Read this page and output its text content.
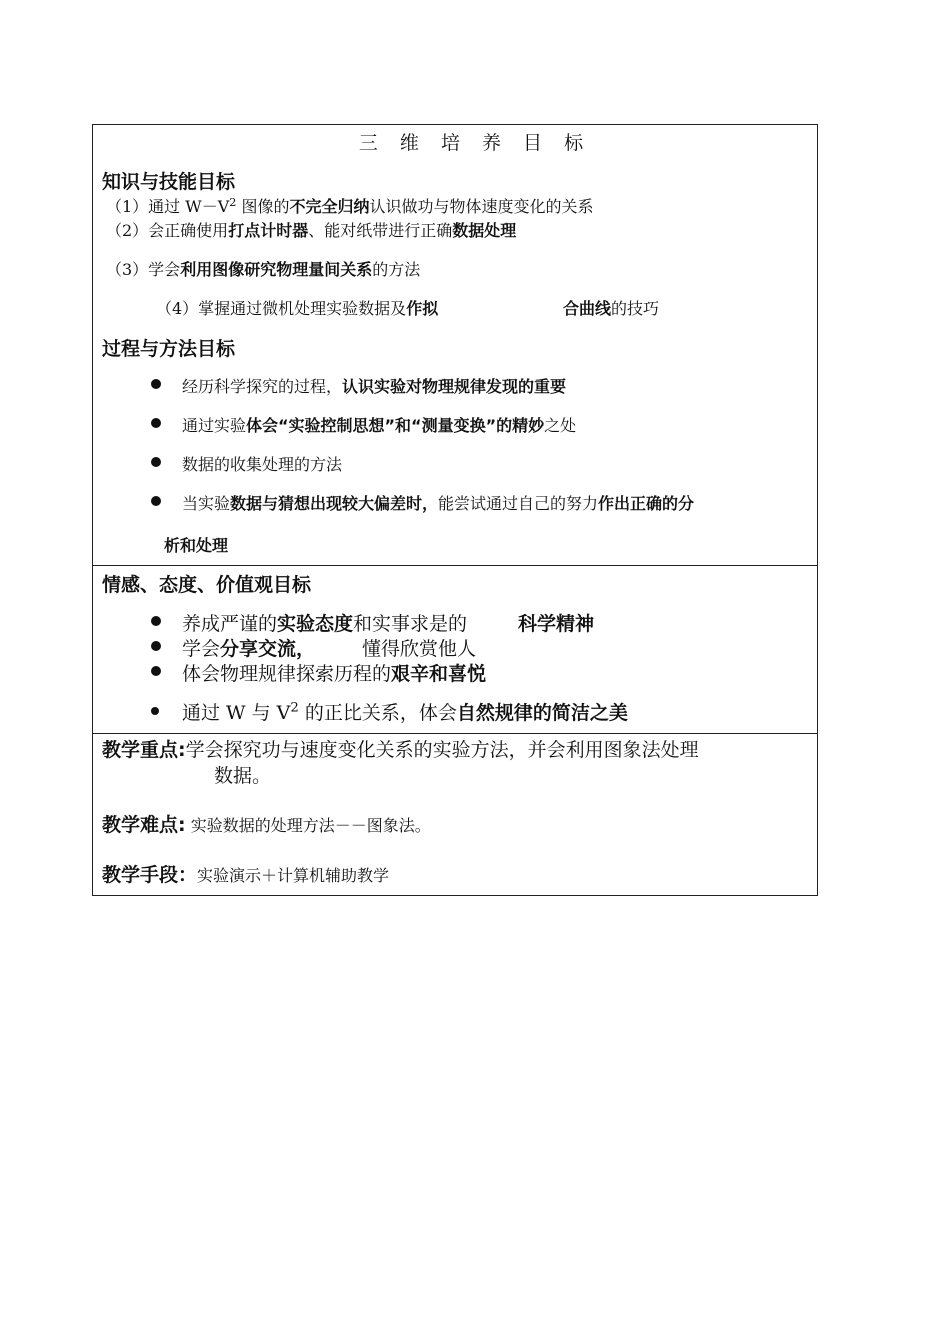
三 维 培 养 目 标
知识与技能目标
（1）通过 $W-V^2$ 图像的不完全归纳认识做功与物体速度变化的关系
（2）会正确使用打点计时器、能对纸带进行正确数据处理
（3）学会利用图像研究物理量间关系的方法
（4）掌握通过微机处理实验数据及作拟	合曲线的技巧
过程与方法目标
经历科学探究的过程，认识实验对物理规律发现的重要
通过实验体会“实验控制思想”和“测量变换”的精妙之处
数据的收集处理的方法
当实验数据与猜想出现较大偏差时，能尝试通过自己的努力作出正确的分
析和处理
情感、态度、价值观目标
养成严谨的实验态度和实事求是的	科学精神
学会分享交流， 懂得欣赏他人
体会物理规律探索历程的艰辛和喜悦
通过 W 与 $V^2$ 的正比关系，体会自然规律的简洁之美
教学重点:学会探究功与速度变化关系的实验方法，并会利用图象法处理
数据。
教学难点: 实验数据的处理方法－－图象法。
教学手段：实验演示＋计算机辅助教学
